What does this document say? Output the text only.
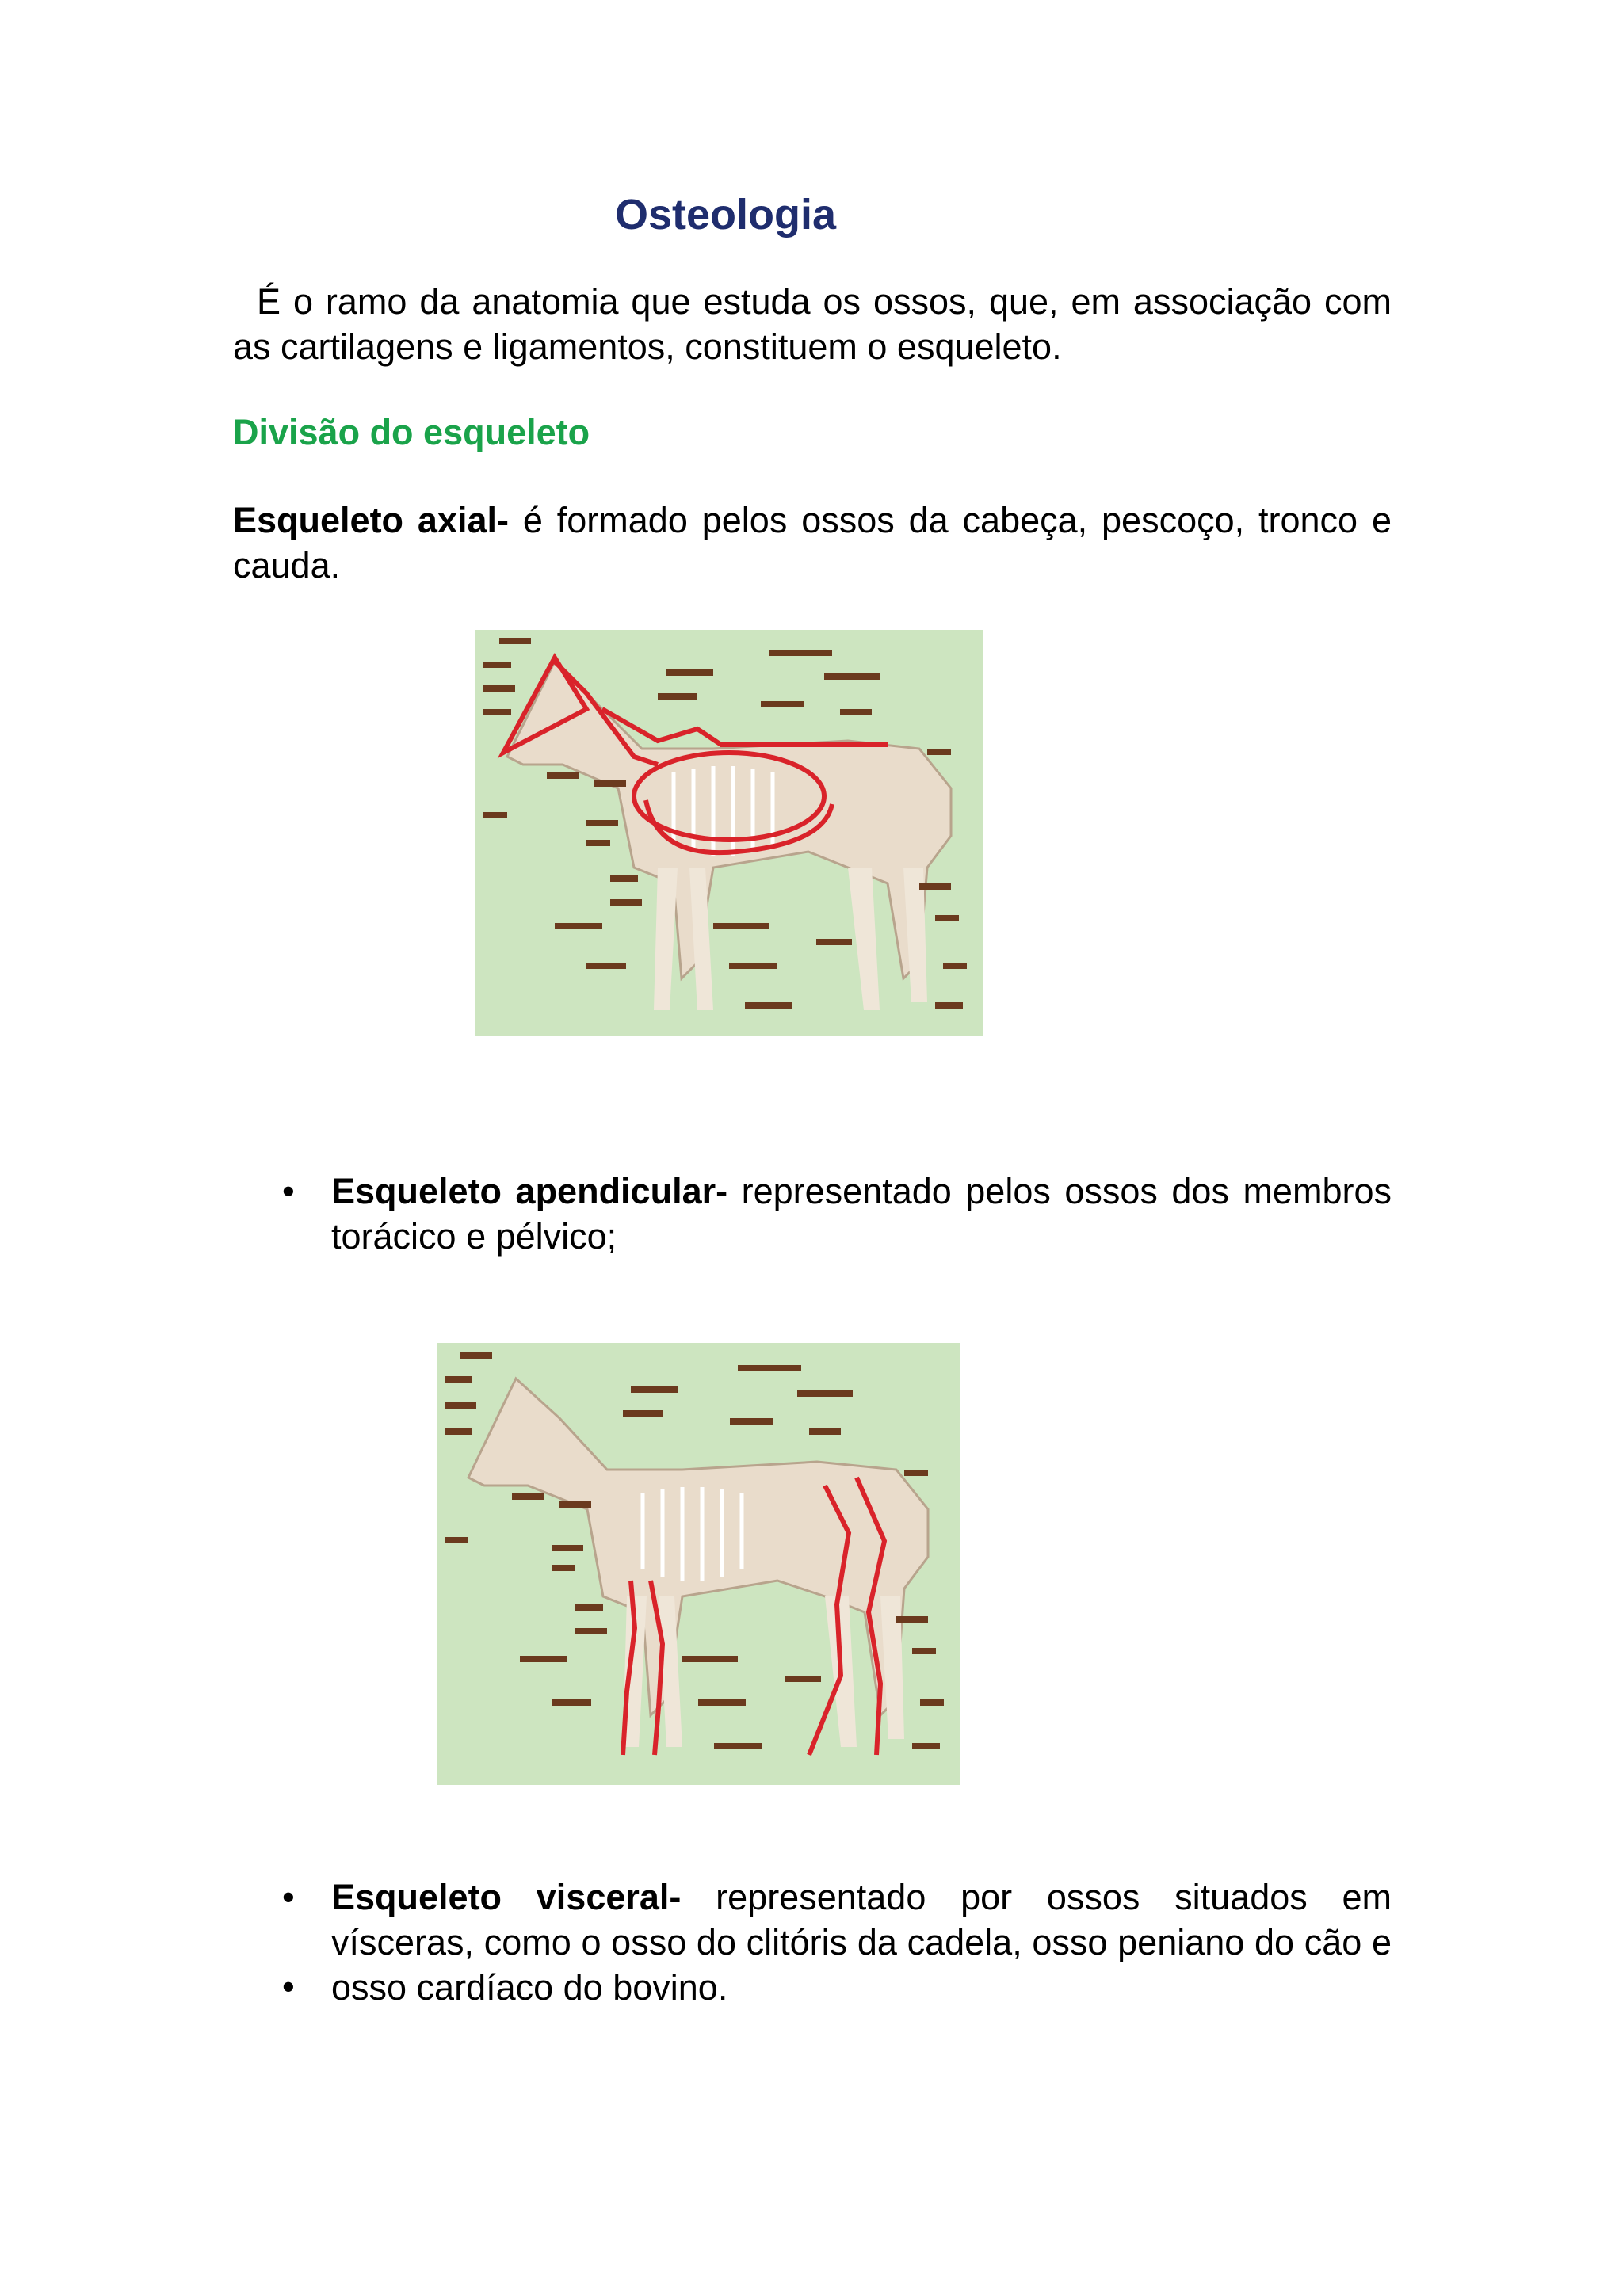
Osteologia
É o ramo da anatomia que estuda os ossos, que, em associação com as cartilagens e ligamentos, constituem o esqueleto.
Divisão do esqueleto
Esqueleto axial- é formado pelos ossos da cabeça, pescoço, tronco e cauda.
• Esqueleto apendicular- representado pelos ossos dos membros torácico e pélvico;
• Esqueleto visceral- representado por ossos situados em vísceras, como o osso do clitóris da cadela, osso peniano do cão e osso cardíaco do bovino.
•
